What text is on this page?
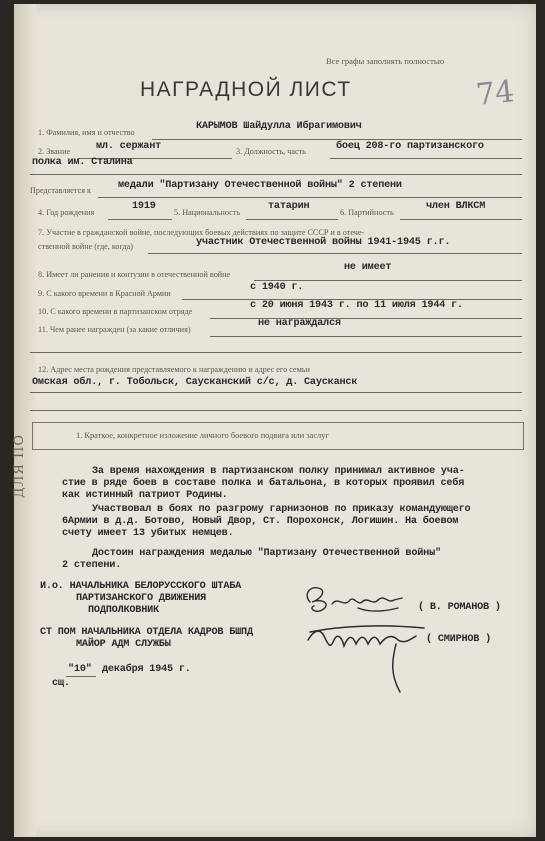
ДЛЯ ПО
Все графы заполнять полностью
74
НАГРАДНОЙ ЛИСТ
1. Фамилия, имя и отчество
КАРЫМОВ Шайдулла Ибрагимович
2. Звание	мл. сержант	3. Должность, часть	боец 208-го партизанского
полка им. Сталина
Представляется к	медали "Партизану Отечественной войны" 2 степени
4. Год рождения
1919
5. Национальность
татарин
6. Партийность
член ВЛКСМ
7. Участие в гражданской войне, последующих боевых действиях по защите СССР и в отече-
ственной войне (где, когда)	участник Отечественной войны 1941-1945 г.г.
8. Имеет ли ранения и контузии в отечественной войне
не имеет
9. С какого времени в Красной Армии
с 1940 г.
10. С какого времени в партизанском отряде
с 20 июня 1943 г. по 11 июля 1944 г.
11. Чем ранее награжден (за какие отличия)
не награждался
12. Адрес места рождения представляемого к награждению и адрес его семьи
Омская обл., г. Тобольск, Саусканский с/с, д. Саусканск
1. Краткое, конкретное изложение личного боевого подвига или заслуг
За время нахождения в партизанском полку принимал активное уча-
стие в ряде боев в составе полка и батальона, в которых проявил себя
как истинный патриот Родины.
Участвовал в боях по разгрому гарнизонов по приказу командующего
6Армии в д.д. Ботово, Новый Двор, Ст. Порохонск, Логишин. На боевом
счету имеет 13 убитых немцев.
Достоин награждения медалью "Партизану Отечественной войны"
2 степени.
И.о. НАЧАЛЬНИКА БЕЛОРУССКОГО ШТАБА
ПАРТИЗАНСКОГО ДВИЖЕНИЯ
ПОДПОЛКОВНИК	( В. РОМАНОВ )
СТ ПОМ НАЧАЛЬНИКА ОТДЕЛА КАДРОВ БШПД
МАЙОР АДМ СЛУЖБЫ	( СМИРНОВ )
"10" декабря 1945 г.
сщ.
